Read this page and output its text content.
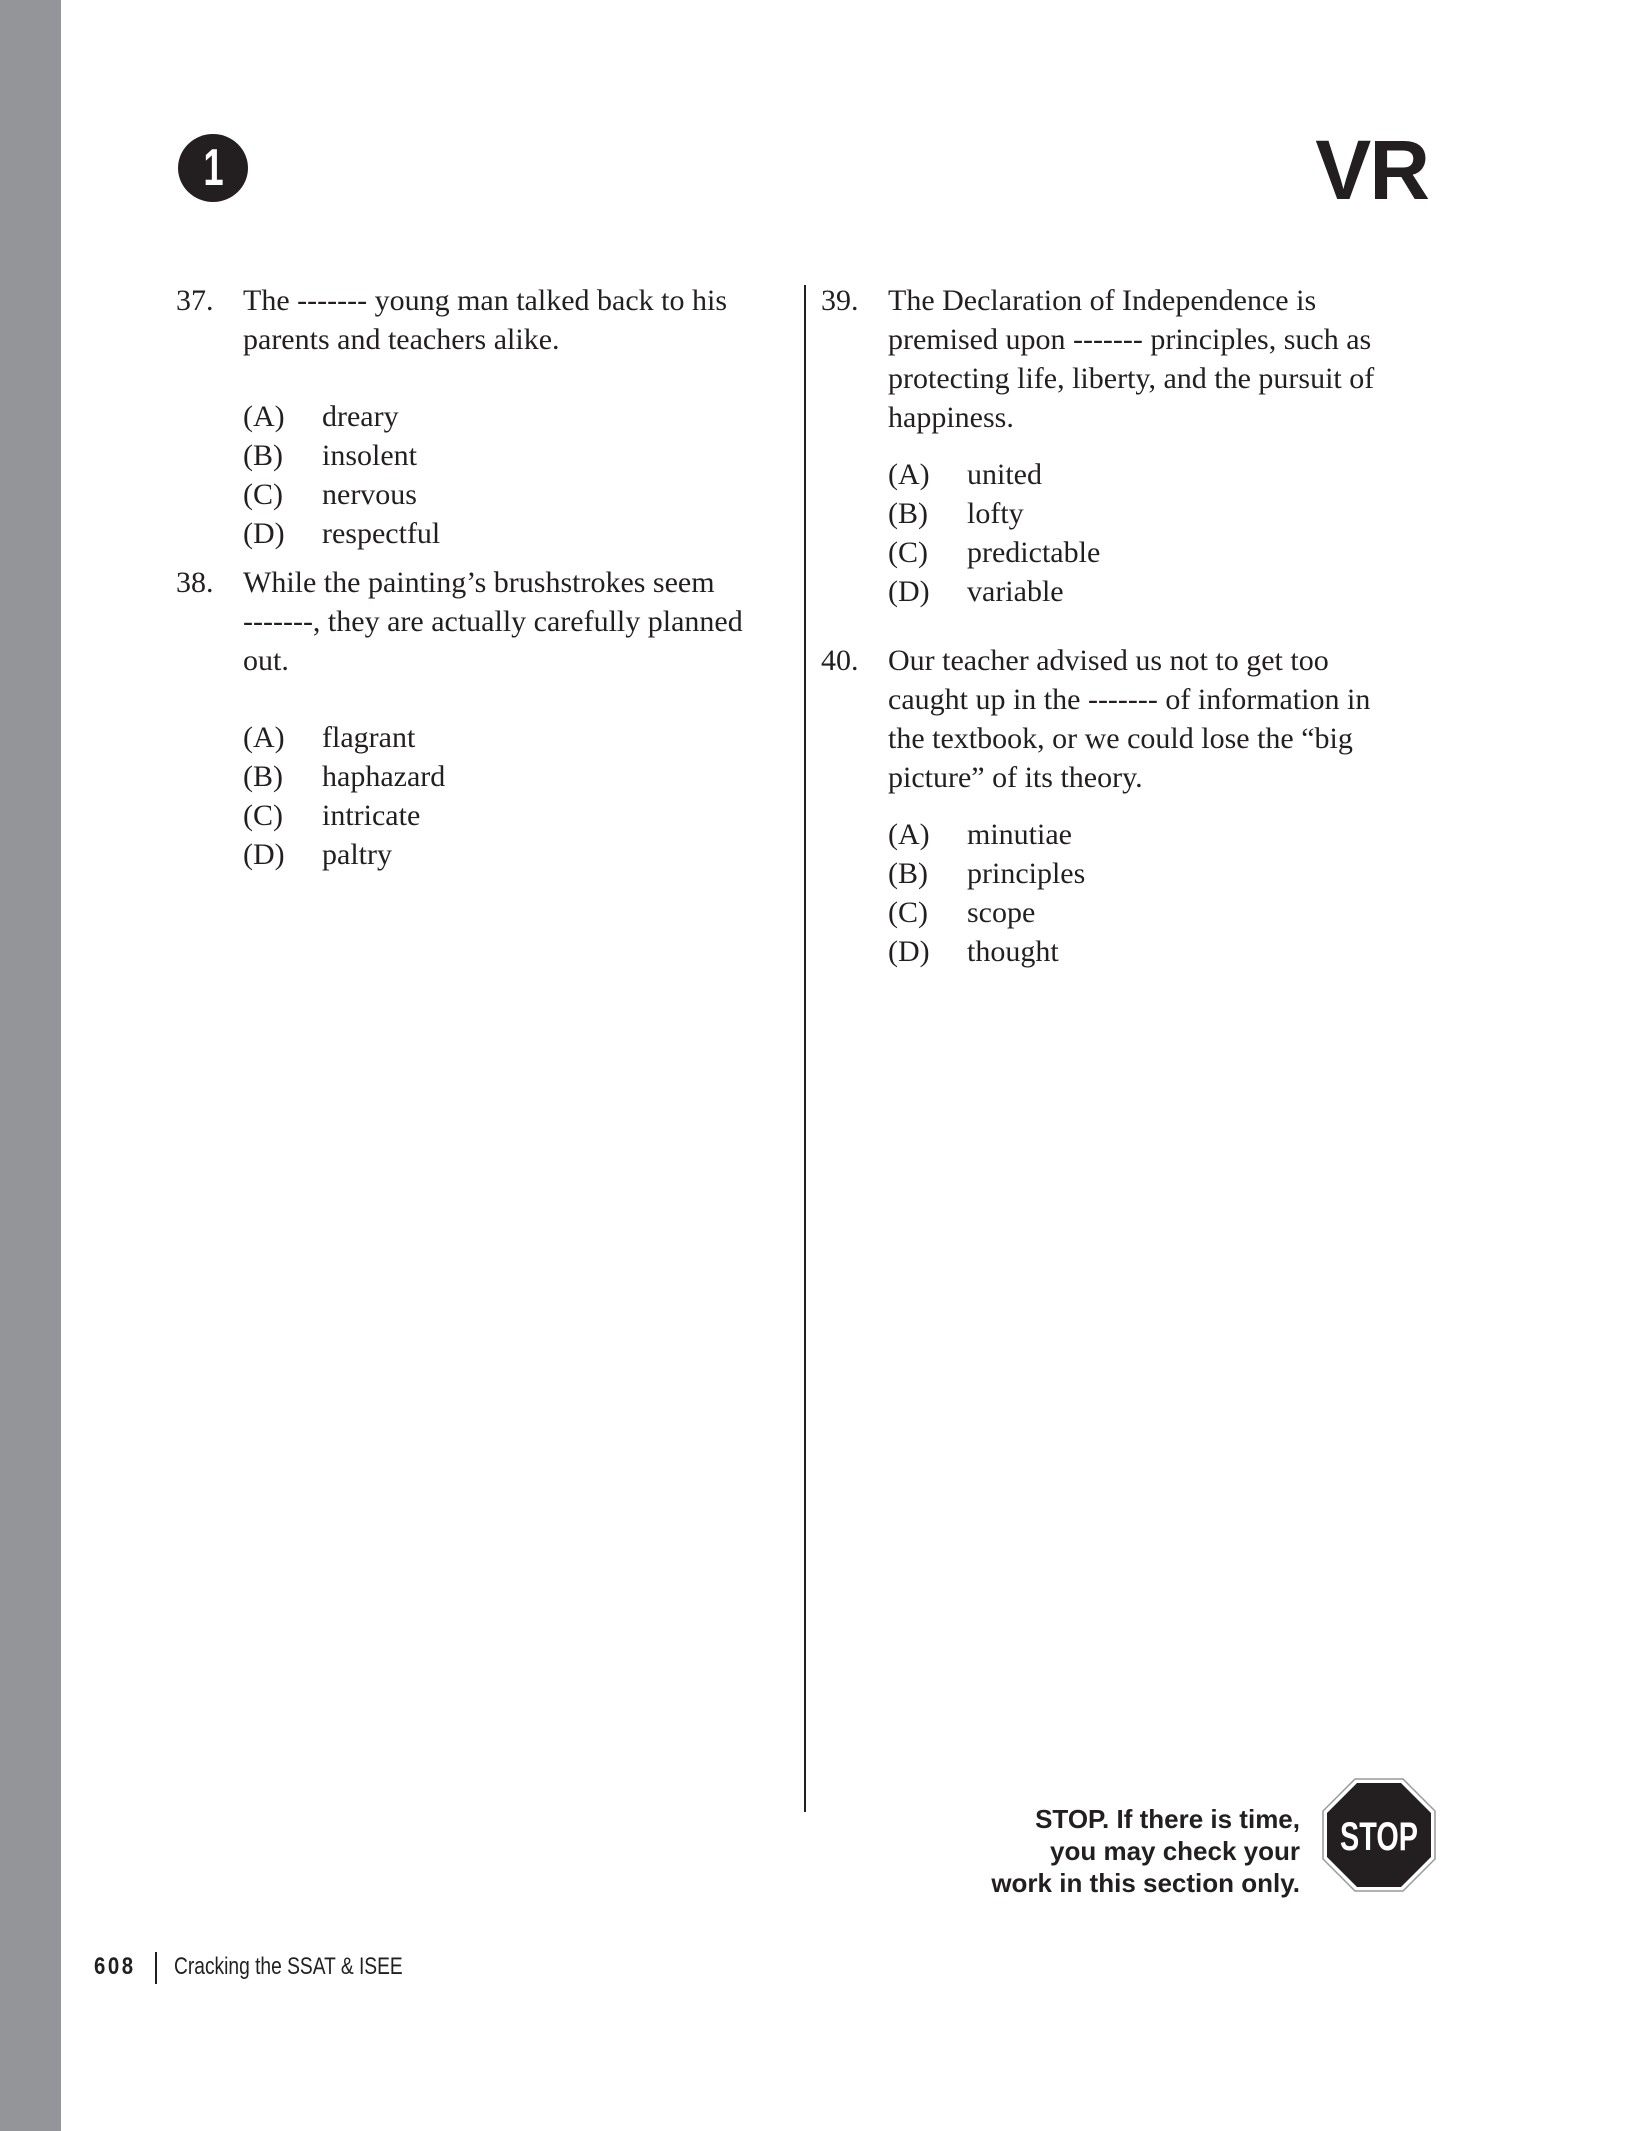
1	VR
37. The ------- young man talked back to his
parents and teachers alike.
(A) dreary
(B) insolent
(C) nervous
(D) respectful
38. While the painting’s brushstrokes seem
-------, they are actually carefully planned
out.
(A) flagrant
(B) haphazard
(C) intricate
(D) paltry
39. The Declaration of Independence is
premised upon ------- principles, such as
protecting life, liberty, and the pursuit of
happiness.
(A) united
(B) lofty
(C) predictable
(D) variable
40. Our teacher advised us not to get too
caught up in the ------- of information in
the textbook, or we could lose the “big
picture” of its theory.
(A) minutiae
(B) principles
(C) scope
(D) thought
STOP. If there is time,
you may check your
work in this section only.
STOP
608 Cracking the SSAT & ISEE
